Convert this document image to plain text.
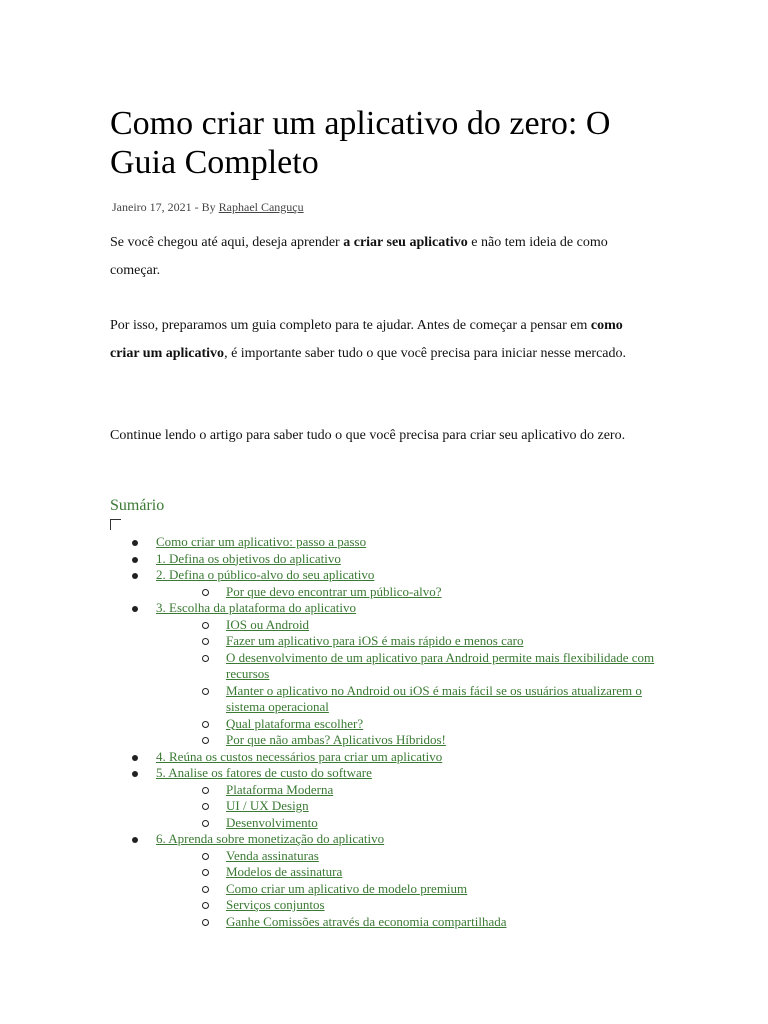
Como criar um aplicativo do zero: O Guia Completo
Janeiro 17, 2021 - By Raphael Canguçu

Se você chegou até aqui, deseja aprender a criar seu aplicativo e não tem ideia de como começar.

Por isso, preparamos um guia completo para te ajudar. Antes de começar a pensar em como criar um aplicativo, é importante saber tudo o que você precisa para iniciar nesse mercado.

Continue lendo o artigo para saber tudo o que você precisa para criar seu aplicativo do zero.

Sumário
Como criar um aplicativo: passo a passo
1. Defina os objetivos do aplicativo
2. Defina o público-alvo do seu aplicativo
Por que devo encontrar um público-alvo?
3. Escolha da plataforma do aplicativo
IOS ou Android
Fazer um aplicativo para iOS é mais rápido e menos caro
O desenvolvimento de um aplicativo para Android permite mais flexibilidade com recursos
Manter o aplicativo no Android ou iOS é mais fácil se os usuários atualizarem o sistema operacional
Qual plataforma escolher?
Por que não ambas? Aplicativos Híbridos!
4. Reúna os custos necessários para criar um aplicativo
5. Analise os fatores de custo do software
Plataforma Moderna
UI / UX Design
Desenvolvimento
6. Aprenda sobre monetização do aplicativo
Venda assinaturas
Modelos de assinatura
Como criar um aplicativo de modelo premium
Serviços conjuntos
Ganhe Comissões através da economia compartilhada
